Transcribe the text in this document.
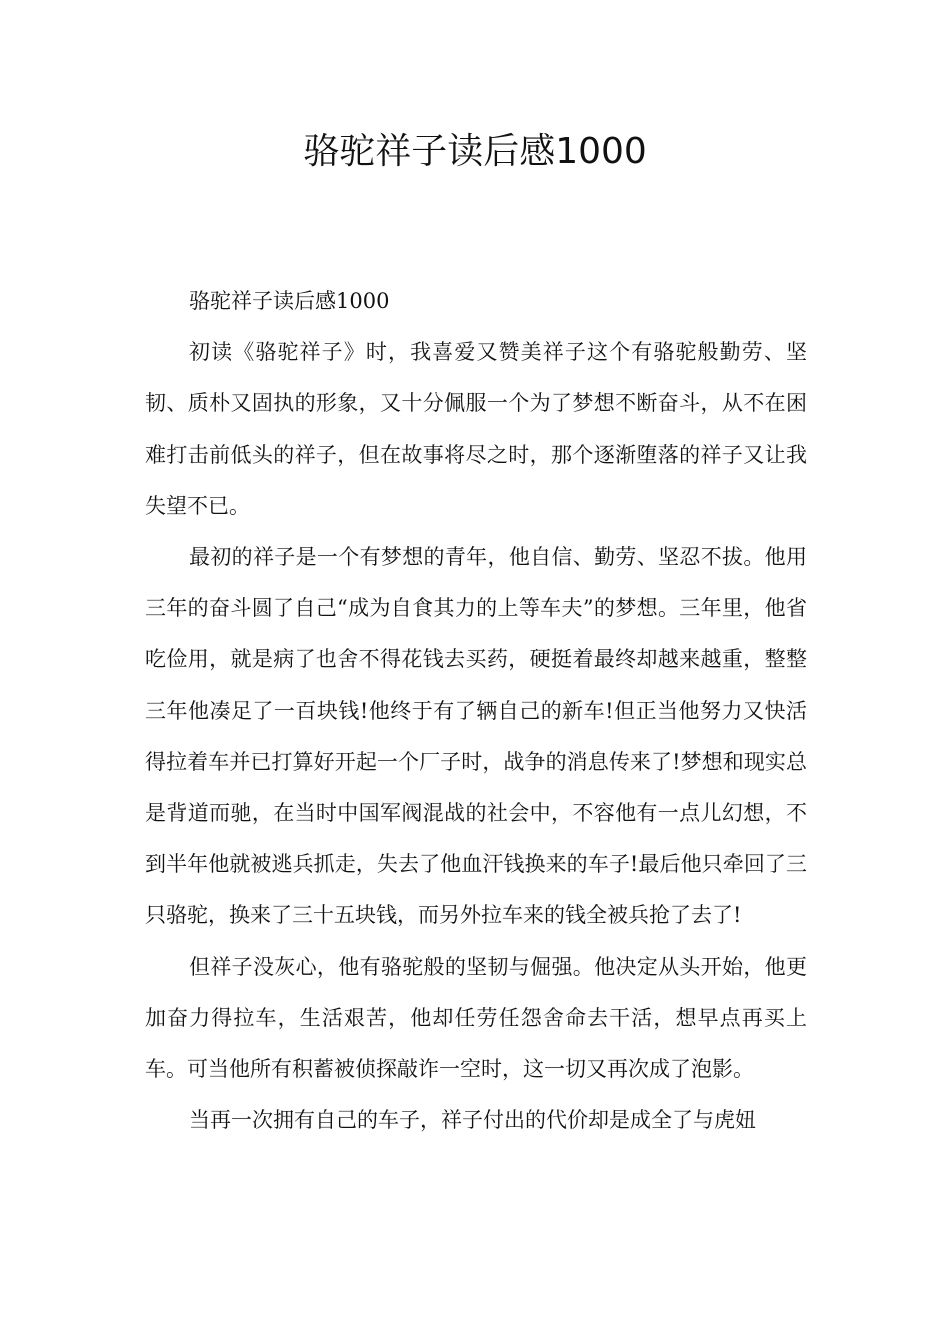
骆驼祥子读后感1000

骆驼祥子读后感1000

初读《骆驼祥子》时，我喜爱又赞美祥子这个有骆驼般勤劳、坚韧、质朴又固执的形象，又十分佩服一个为了梦想不断奋斗，从不在困难打击前低头的祥子，但在故事将尽之时，那个逐渐堕落的祥子又让我失望不已。

最初的祥子是一个有梦想的青年，他自信、勤劳、坚忍不拔。他用三年的奋斗圆了自己“成为自食其力的上等车夫”的梦想。三年里，他省吃俭用，就是病了也舍不得花钱去买药，硬挺着最终却越来越重，整整三年他凑足了一百块钱!他终于有了辆自己的新车!但正当他努力又快活得拉着车并已打算好开起一个厂子时，战争的消息传来了!梦想和现实总是背道而驰，在当时中国军阀混战的社会中，不容他有一点儿幻想，不到半年他就被逃兵抓走，失去了他血汗钱换来的车子!最后他只牵回了三只骆驼，换来了三十五块钱，而另外拉车来的钱全被兵抢了去了!

但祥子没灰心，他有骆驼般的坚韧与倔强。他决定从头开始，他更加奋力得拉车，生活艰苦，他却任劳任怨舍命去干活，想早点再买上车。可当他所有积蓄被侦探敲诈一空时，这一切又再次成了泡影。

当再一次拥有自己的车子，祥子付出的代价却是成全了与虎妞
